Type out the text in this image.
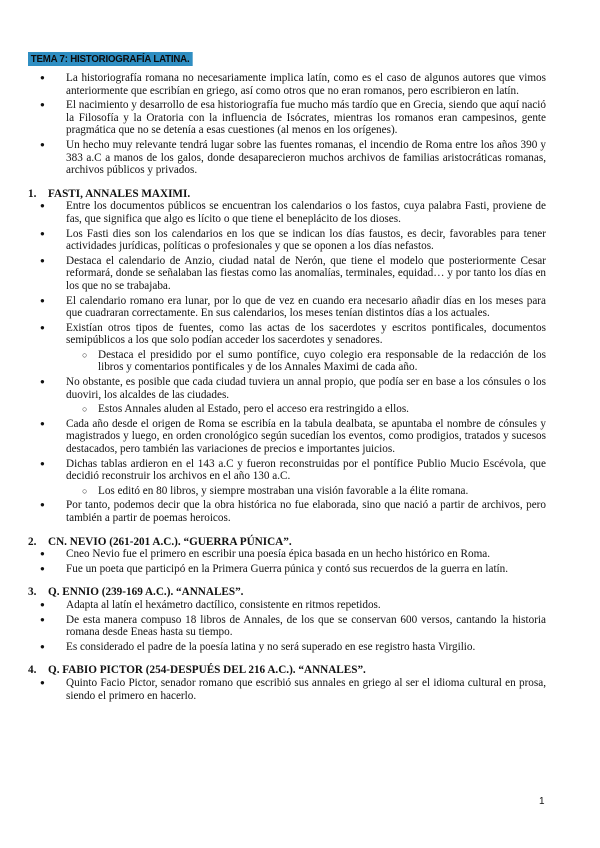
TEMA 7: HISTORIOGRAFÍA LATINA.
● La historiografía romana no necesariamente implica latín, como es el caso de algunos autores que vimos anteriormente que escribían en griego, así como otros que no eran romanos, pero escribieron en latín.
● El nacimiento y desarrollo de esa historiografía fue mucho más tardío que en Grecia, siendo que aquí nació la Filosofía y la Oratoria con la influencia de Isócrates, mientras los romanos eran campesinos, gente pragmática que no se detenía a esas cuestiones (al menos en los orígenes).
● Un hecho muy relevante tendrá lugar sobre las fuentes romanas, el incendio de Roma entre los años 390 y 383 a.C a manos de los galos, donde desaparecieron muchos archivos de familias aristocráticas romanas, archivos públicos y privados.
1. FASTI, ANNALES MAXIMI.
● Entre los documentos públicos se encuentran los calendarios o los fastos, cuya palabra Fasti, proviene de fas, que significa que algo es lícito o que tiene el beneplácito de los dioses.
● Los Fasti dies son los calendarios en los que se indican los días faustos, es decir, favorables para tener actividades jurídicas, políticas o profesionales y que se oponen a los días nefastos.
● Destaca el calendario de Anzio, ciudad natal de Nerón, que tiene el modelo que posteriormente Cesar reformará, donde se señalaban las fiestas como las anomalías, terminales, equidad… y por tanto los días en los que no se trabajaba.
● El calendario romano era lunar, por lo que de vez en cuando era necesario añadir días en los meses para que cuadraran correctamente. En sus calendarios, los meses tenían distintos días a los actuales.
● Existían otros tipos de fuentes, como las actas de los sacerdotes y escritos pontificales, documentos semipúblicos a los que solo podían acceder los sacerdotes y senadores.
○ Destaca el presidido por el sumo pontífice, cuyo colegio era responsable de la redacción de los libros y comentarios pontificales y de los Annales Maximi de cada año.
● No obstante, es posible que cada ciudad tuviera un annal propio, que podía ser en base a los cónsules o los duoviri, los alcaldes de las ciudades.
○ Estos Annales aluden al Estado, pero el acceso era restringido a ellos.
● Cada año desde el origen de Roma se escribía en la tabula dealbata, se apuntaba el nombre de cónsules y magistrados y luego, en orden cronológico según sucedían los eventos, como prodigios, tratados y sucesos destacados, pero también las variaciones de precios e importantes juicios.
● Dichas tablas ardieron en el 143 a.C y fueron reconstruidas por el pontífice Publio Mucio Escévola, que decidió reconstruir los archivos en el año 130 a.C.
○ Los editó en 80 libros, y siempre mostraban una visión favorable a la élite romana.
● Por tanto, podemos decir que la obra histórica no fue elaborada, sino que nació a partir de archivos, pero también a partir de poemas heroicos.
2. CN. NEVIO (261-201 A.C.). “GUERRA PÚNICA”.
● Cneo Nevio fue el primero en escribir una poesía épica basada en un hecho histórico en Roma.
● Fue un poeta que participó en la Primera Guerra púnica y contó sus recuerdos de la guerra en latín.
3. Q. ENNIO (239-169 A.C.). “ANNALES”.
● Adapta al latín el hexámetro dactílico, consistente en ritmos repetidos.
● De esta manera compuso 18 libros de Annales, de los que se conservan 600 versos, cantando la historia romana desde Eneas hasta su tiempo.
● Es considerado el padre de la poesía latina y no será superado en ese registro hasta Virgilio.
4. Q. FABIO PICTOR (254-DESPUÉS DEL 216 A.C.). “ANNALES”.
● Quinto Facio Pictor, senador romano que escribió sus annales en griego al ser el idioma cultural en prosa, siendo el primero en hacerlo.
1
